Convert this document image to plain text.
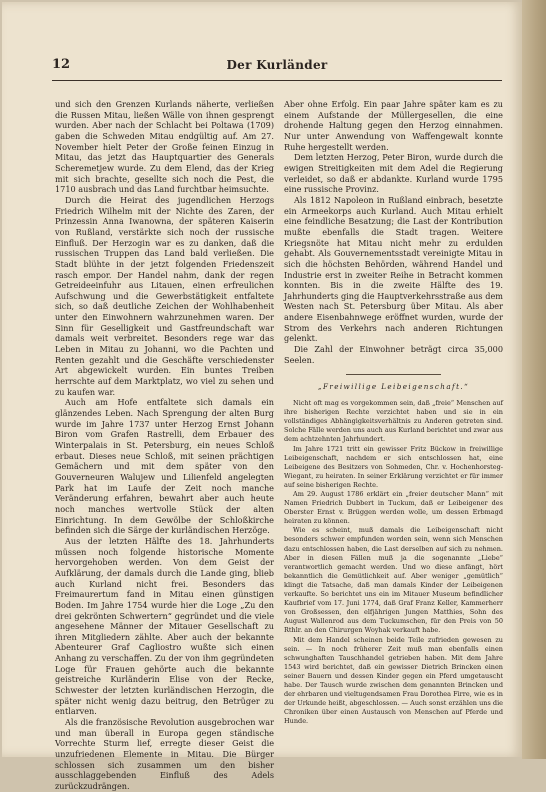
12	Der Kurländer

und sich den Grenzen Kurlands näherte, verließen die Russen Mitau, ließen Wälle von ihnen gesprengt wurden. Aber nach der Schlacht bei Poltawa (1709) gaben die Schweden Mitau endgültig auf. Am 27. November hielt Peter der Große feinen Einzug in Mitau, das jetzt das Hauptquartier des Generals Scheremetjew wurde. Zu dem Elend, das der Krieg mit sich brachte, gesellte sich noch die Pest, die 1710 ausbrach und das Land furchtbar heimsuchte.

Durch die Heirat des jugendlichen Herzogs Friedrich Wilhelm mit der Nichte des Zaren, der Prinzessin Anna Iwanowna, der späteren Kaiserin von Rußland, verstärkte sich noch der russische Einfluß. Der Herzogin war es zu danken, daß die russischen Truppen das Land bald verließen. Die Stadt blühte in der jetzt folgenden Friedenszeit rasch empor. Der Handel nahm, dank der regen Getreideeinfuhr aus Litauen, einen erfreulichen Aufschwung und die Gewerbstätigkeit entfaltete sich, so daß deutliche Zeichen der Wohlhabenheit unter den Einwohnern wahrzunehmen waren. Der Sinn für Geselligkeit und Gastfreundschaft war damals weit verbreitet. Besonders rege war das Leben in Mitau zu Johanni, wo die Pachten und Renten gezahlt und die Geschäfte verschiedenster Art abgewickelt wurden. Ein buntes Treiben herrschte auf dem Marktplatz, wo viel zu sehen und zu kaufen war.

Auch am Hofe entfaltete sich damals ein glänzendes Leben. Nach Sprengung der alten Burg wurde im Jahre 1737 unter Herzog Ernst Johann Biron vom Grafen Rastrelli, dem Erbauer des Winterpalais in St. Petersburg, ein neues Schloß erbaut. Dieses neue Schloß, mit seinen prächtigen Gemächern und mit dem später von den Gouverneuren Walujew und Lilienfeld angelegten Park hat im Laufe der Zeit noch manche Veränderung erfahren, bewahrt aber auch heute noch manches wertvolle Stück der alten Einrichtung. In dem Gewölbe der Schloßkirche befinden sich die Särge der kurländischen Herzöge.

Aus der letzten Hälfte des 18. Jahrhunderts müssen noch folgende historische Momente hervorgehoben werden. Von dem Geist der Aufklärung, der damals durch die Lande ging, blieb auch Kurland nicht frei. Besonders das Freimaurertum fand in Mitau einen günstigen Boden. Im Jahre 1754 wurde hier die Loge „Zu den drei gekrönten Schwertern“ gegründet und die viele angesehene Männer der Mitauer Gesellschaft zu ihren Mitgliedern zählte. Aber auch der bekannte Abenteurer Graf Cagliostro wußte sich einen Anhang zu verschaffen. Zu der von ihm gegründeten Loge für Frauen gehörte auch die bekannte geistreiche Kurländerin Elise von der Recke, Schwester der letzten kurländischen Herzogin, die später nicht wenig dazu beitrug, den Betrüger zu entlarven.

Als die französische Revolution ausgebrochen war und man überall in Europa gegen ständische Vorrechte Sturm lief, erregte dieser Geist die unzufriedenen Elemente in Mitau. Die Bürger schlossen sich zusammen um den bisher ausschlaggebenden Einfluß des Adels zurückzudrängen.

Aber ohne Erfolg. Ein paar Jahre später kam es zu einem Aufstande der Müllergesellen, die eine drohende Haltung gegen den Herzog einnahmen. Nur unter Anwendung von Waffengewalt konnte Ruhe hergestellt werden.

Dem letzten Herzog, Peter Biron, wurde durch die ewigen Streitigkeiten mit dem Adel die Regierung verleidet, so daß er abdankte. Kurland wurde 1795 eine russische Provinz.

Als 1812 Napoleon in Rußland einbrach, besetzte ein Armeekorps auch Kurland. Auch Mitau erhielt eine feindliche Besatzung; die Last der Kontribution mußte ebenfalls die Stadt tragen. Weitere Kriegsnöte hat Mitau nicht mehr zu erdulden gehabt. Als Gouvernementsstadt vereinigte Mitau in sich die höchsten Behörden, während Handel und Industrie erst in zweiter Reihe in Betracht kommen konnten. Bis in die zweite Hälfte des 19. Jahrhunderts ging die Hauptverkehrsstraße aus dem Westen nach St. Petersburg über Mitau. Als aber andere Eisenbahnwege eröffnet wurden, wurde der Strom des Verkehrs nach anderen Richtungen gelenkt.

Die Zahl der Einwohner beträgt circa 35,000 Seelen.

„Freiwillige Leibeigenschaft.“

Nicht oft mag es vorgekommen sein, daß „freie“ Menschen auf ihre bisherigen Rechte verzichtet haben und sie in ein vollständiges Abhängigkeitsverhältnis zu Anderen getreten sind. Solche Fälle werden uns auch aus Kurland berichtet und zwar aus dem achtzehnten Jahrhundert.

Im Jahre 1721 tritt ein gewisser Fritz Bückow in freiwillige Leibeigenschaft, nachdem er sich entschlossen hat, eine Leibeigene des Besitzers von Sohmeden, Chr. v. Hochenhorsteg-Wiegant, zu heiraten. In seiner Erklärung verzichtet er für immer auf seine bisherigen Rechte.

Am 29. August 1786 erklärt ein „freier deutscher Mann“ mit Namen Friedrich Dubbert in Tuckum, daß er Leibeigener des Oberster Ernst v. Brüggen werden wolle, um dessen Erbmagd heiraten zu können.

Wie es scheint, muß damals die Leibeigenschaft nicht besonders schwer empfunden worden sein, wenn sich Menschen dazu entschlossen haben, die Last derselben auf sich zu nehmen. Aber in diesen Fällen muß ja die sogenannte „Liebe“ verantwortlich gemacht werden. Und wo diese anfängt, hört bekanntlich die Gemütlichkeit auf. Aber weniger „gemütlich“ klingt die Tatsache, daß man damals Kinder der Leibeigenen verkaufte. So berichtet uns ein im Mitauer Museum befindlicher Kaufbrief vom 17. Juni 1774, daß Graf Franz Keller, Kammerherr von Großsessen, den elfjährigen Jungen Matthies, Sohn des August Wallenrod aus dem Tuckumschen, für den Preis von 50 Rthlr. an den Chirurgen Woyhak verkauft habe.

Mit dem Handel scheinen beide Teile zufrieden gewesen zu sein. — In noch früherer Zeit muß man ebenfalls einen schwunghaften Tauschhandel getrieben haben. Mit dem Jahre 1543 wird berichtet, daß ein gewisser Dietrich Brincken einen seiner Bauern und dessen Kinder gegen ein Pferd umgetauscht habe. Der Tausch wurde zwischen dem genannten Brincken und der ehrbaren und vieltugendsamen Frau Dorothea Firre, wie es in der Urkunde heißt, abgeschlossen. — Auch sonst erzählen uns die Chroniken über einen Austausch von Menschen auf Pferde und Hunde.
